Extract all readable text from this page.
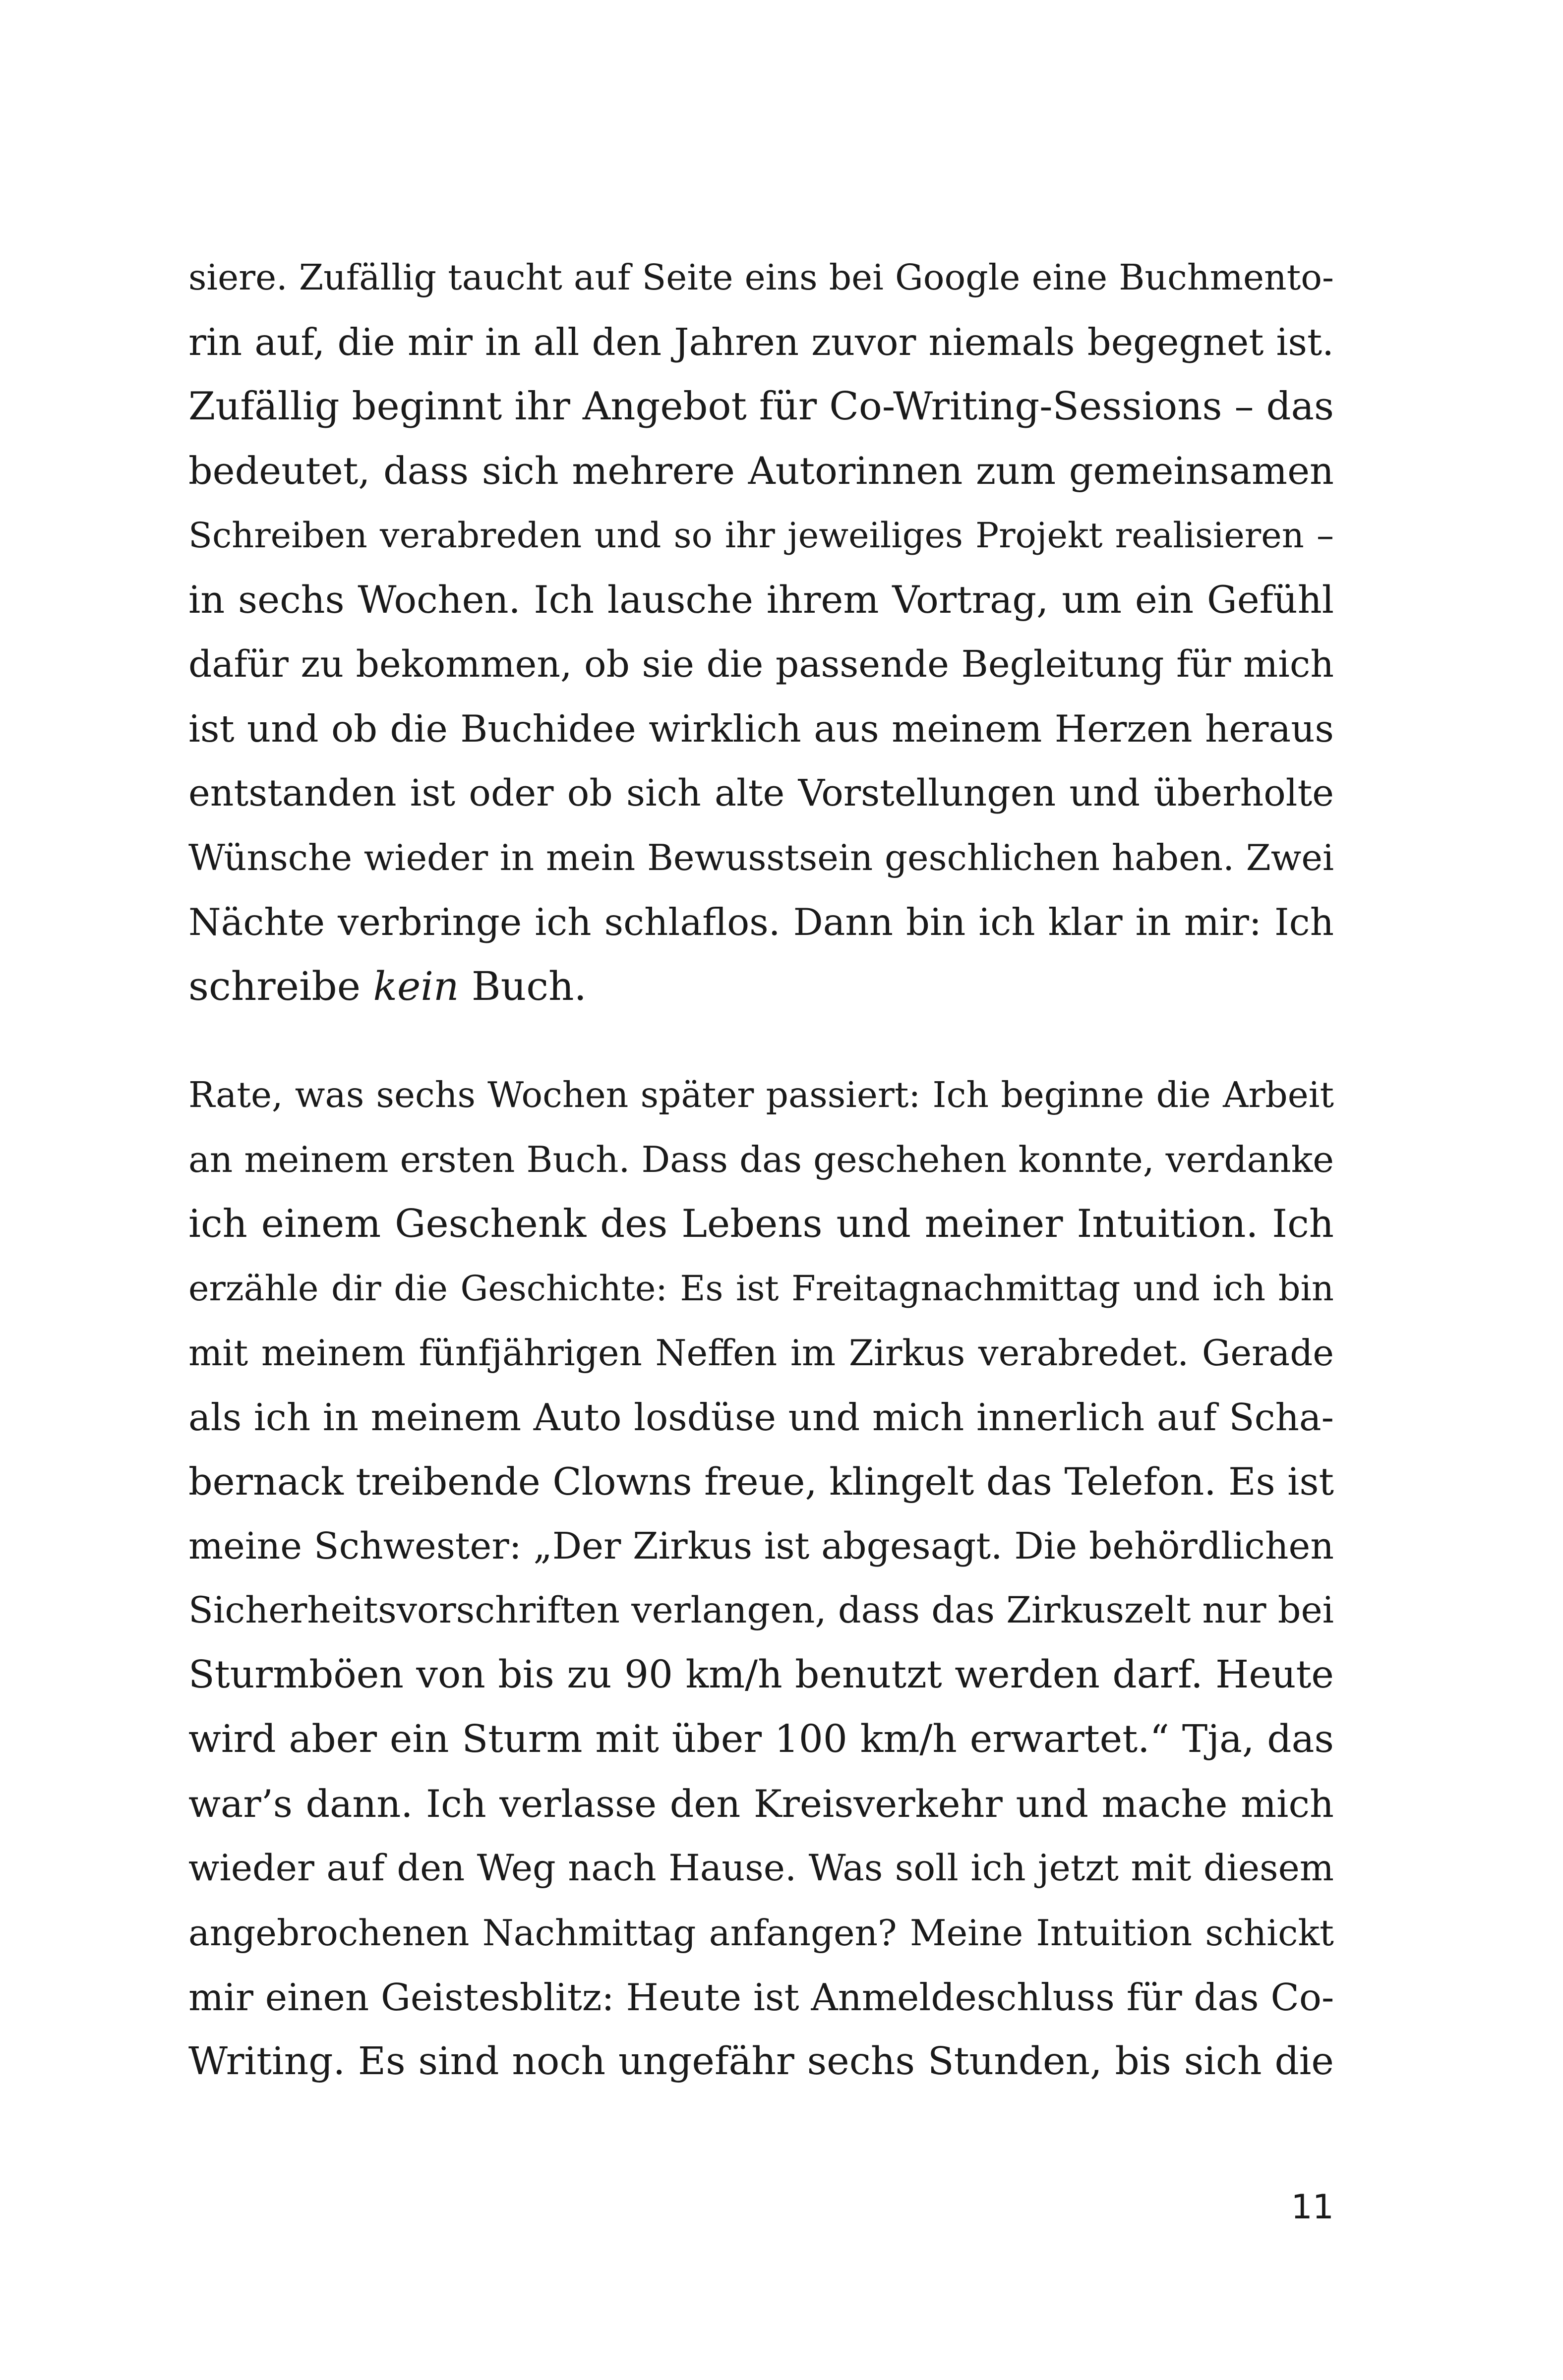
siere. Zufällig taucht auf Seite eins bei Google eine Buchmento-
rin auf, die mir in all den Jahren zuvor niemals begegnet ist.
Zufällig beginnt ihr Angebot für Co-Writing-Sessions – das
bedeutet, dass sich mehrere Autorinnen zum gemeinsamen
Schreiben verabreden und so ihr jeweiliges Projekt realisieren –
in sechs Wochen. Ich lausche ihrem Vortrag, um ein Gefühl
dafür zu bekommen, ob sie die passende Begleitung für mich
ist und ob die Buchidee wirklich aus meinem Herzen heraus
entstanden ist oder ob sich alte Vorstellungen und überholte
Wünsche wieder in mein Bewusstsein geschlichen haben. Zwei
Nächte verbringe ich schlaflos. Dann bin ich klar in mir: Ich
schreibe kein Buch.
Rate, was sechs Wochen später passiert: Ich beginne die Arbeit
an meinem ersten Buch. Dass das geschehen konnte, verdanke
ich einem Geschenk des Lebens und meiner Intuition. Ich
erzähle dir die Geschichte: Es ist Freitagnachmittag und ich bin
mit meinem fünfjährigen Neffen im Zirkus verabredet. Gerade
als ich in meinem Auto losdüse und mich innerlich auf Scha-
bernack treibende Clowns freue, klingelt das Telefon. Es ist
meine Schwester: „Der Zirkus ist abgesagt. Die behördlichen
Sicherheitsvorschriften verlangen, dass das Zirkuszelt nur bei
Sturmböen von bis zu 90 km/h benutzt werden darf. Heute
wird aber ein Sturm mit über 100 km/h erwartet.“ Tja, das
war’s dann. Ich verlasse den Kreisverkehr und mache mich
wieder auf den Weg nach Hause. Was soll ich jetzt mit diesem
angebrochenen Nachmittag anfangen? Meine Intuition schickt
mir einen Geistesblitz: Heute ist Anmeldeschluss für das Co-
Writing. Es sind noch ungefähr sechs Stunden, bis sich die
11
